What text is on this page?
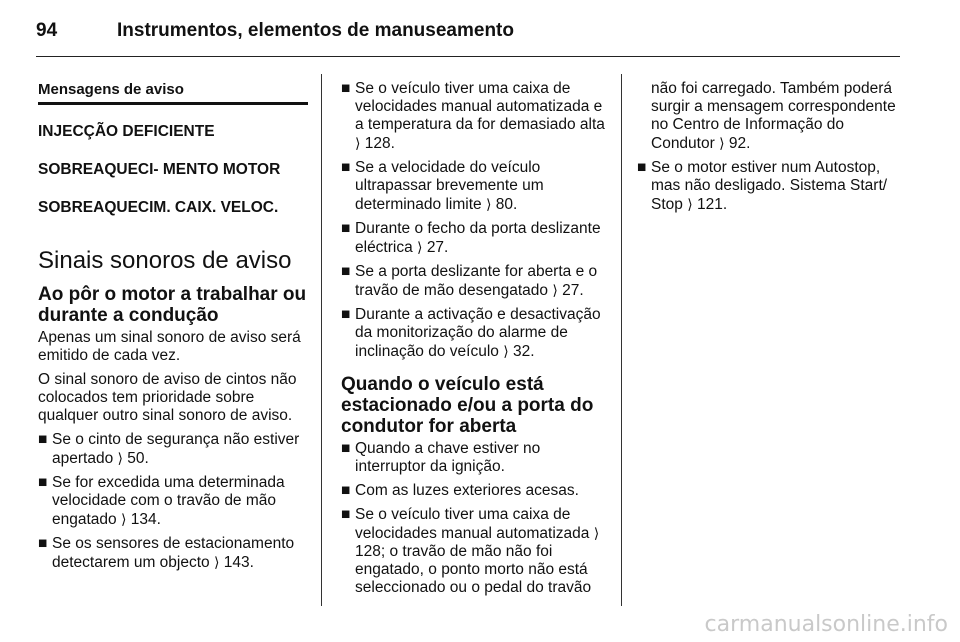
94	Instrumentos, elementos de manuseamento
Mensagens de aviso
INJECÇÃO DEFICIENTE
SOBREAQUECI- MENTO MOTOR
SOBREAQUECIM. CAIX. VELOC.
Sinais sonoros de aviso
Ao pôr o motor a trabalhar ou durante a condução
Apenas um sinal sonoro de aviso será emitido de cada vez.
O sinal sonoro de aviso de cintos não colocados tem prioridade sobre qualquer outro sinal sonoro de aviso.
■ Se o cinto de segurança não estiver apertado ⟩ 50.
■ Se for excedida uma determinada velocidade com o travão de mão engatado ⟩ 134.
■ Se os sensores de estacionamento detectarem um objecto ⟩ 143.
■ Se o veículo tiver uma caixa de velocidades manual automatizada e a temperatura da for demasiado alta ⟩ 128.
■ Se a velocidade do veículo ultrapassar brevemente um determinado limite ⟩ 80.
■ Durante o fecho da porta deslizante eléctrica ⟩ 27.
■ Se a porta deslizante for aberta e o travão de mão desengatado ⟩ 27.
■ Durante a activação e desactivação da monitorização do alarme de inclinação do veículo ⟩ 32.
Quando o veículo está estacionado e/ou a porta do condutor for aberta
■ Quando a chave estiver no interruptor da ignição.
■ Com as luzes exteriores acesas.
■ Se o veículo tiver uma caixa de velocidades manual automatizada ⟩ 128; o travão de mão não foi engatado, o ponto morto não está seleccionado ou o pedal do travão
não foi carregado. Também poderá surgir a mensagem correspondente no Centro de Informação do Condutor ⟩ 92.
■ Se o motor estiver num Autostop, mas não desligado. Sistema Start/ Stop ⟩ 121.
carmanualsonline.info
